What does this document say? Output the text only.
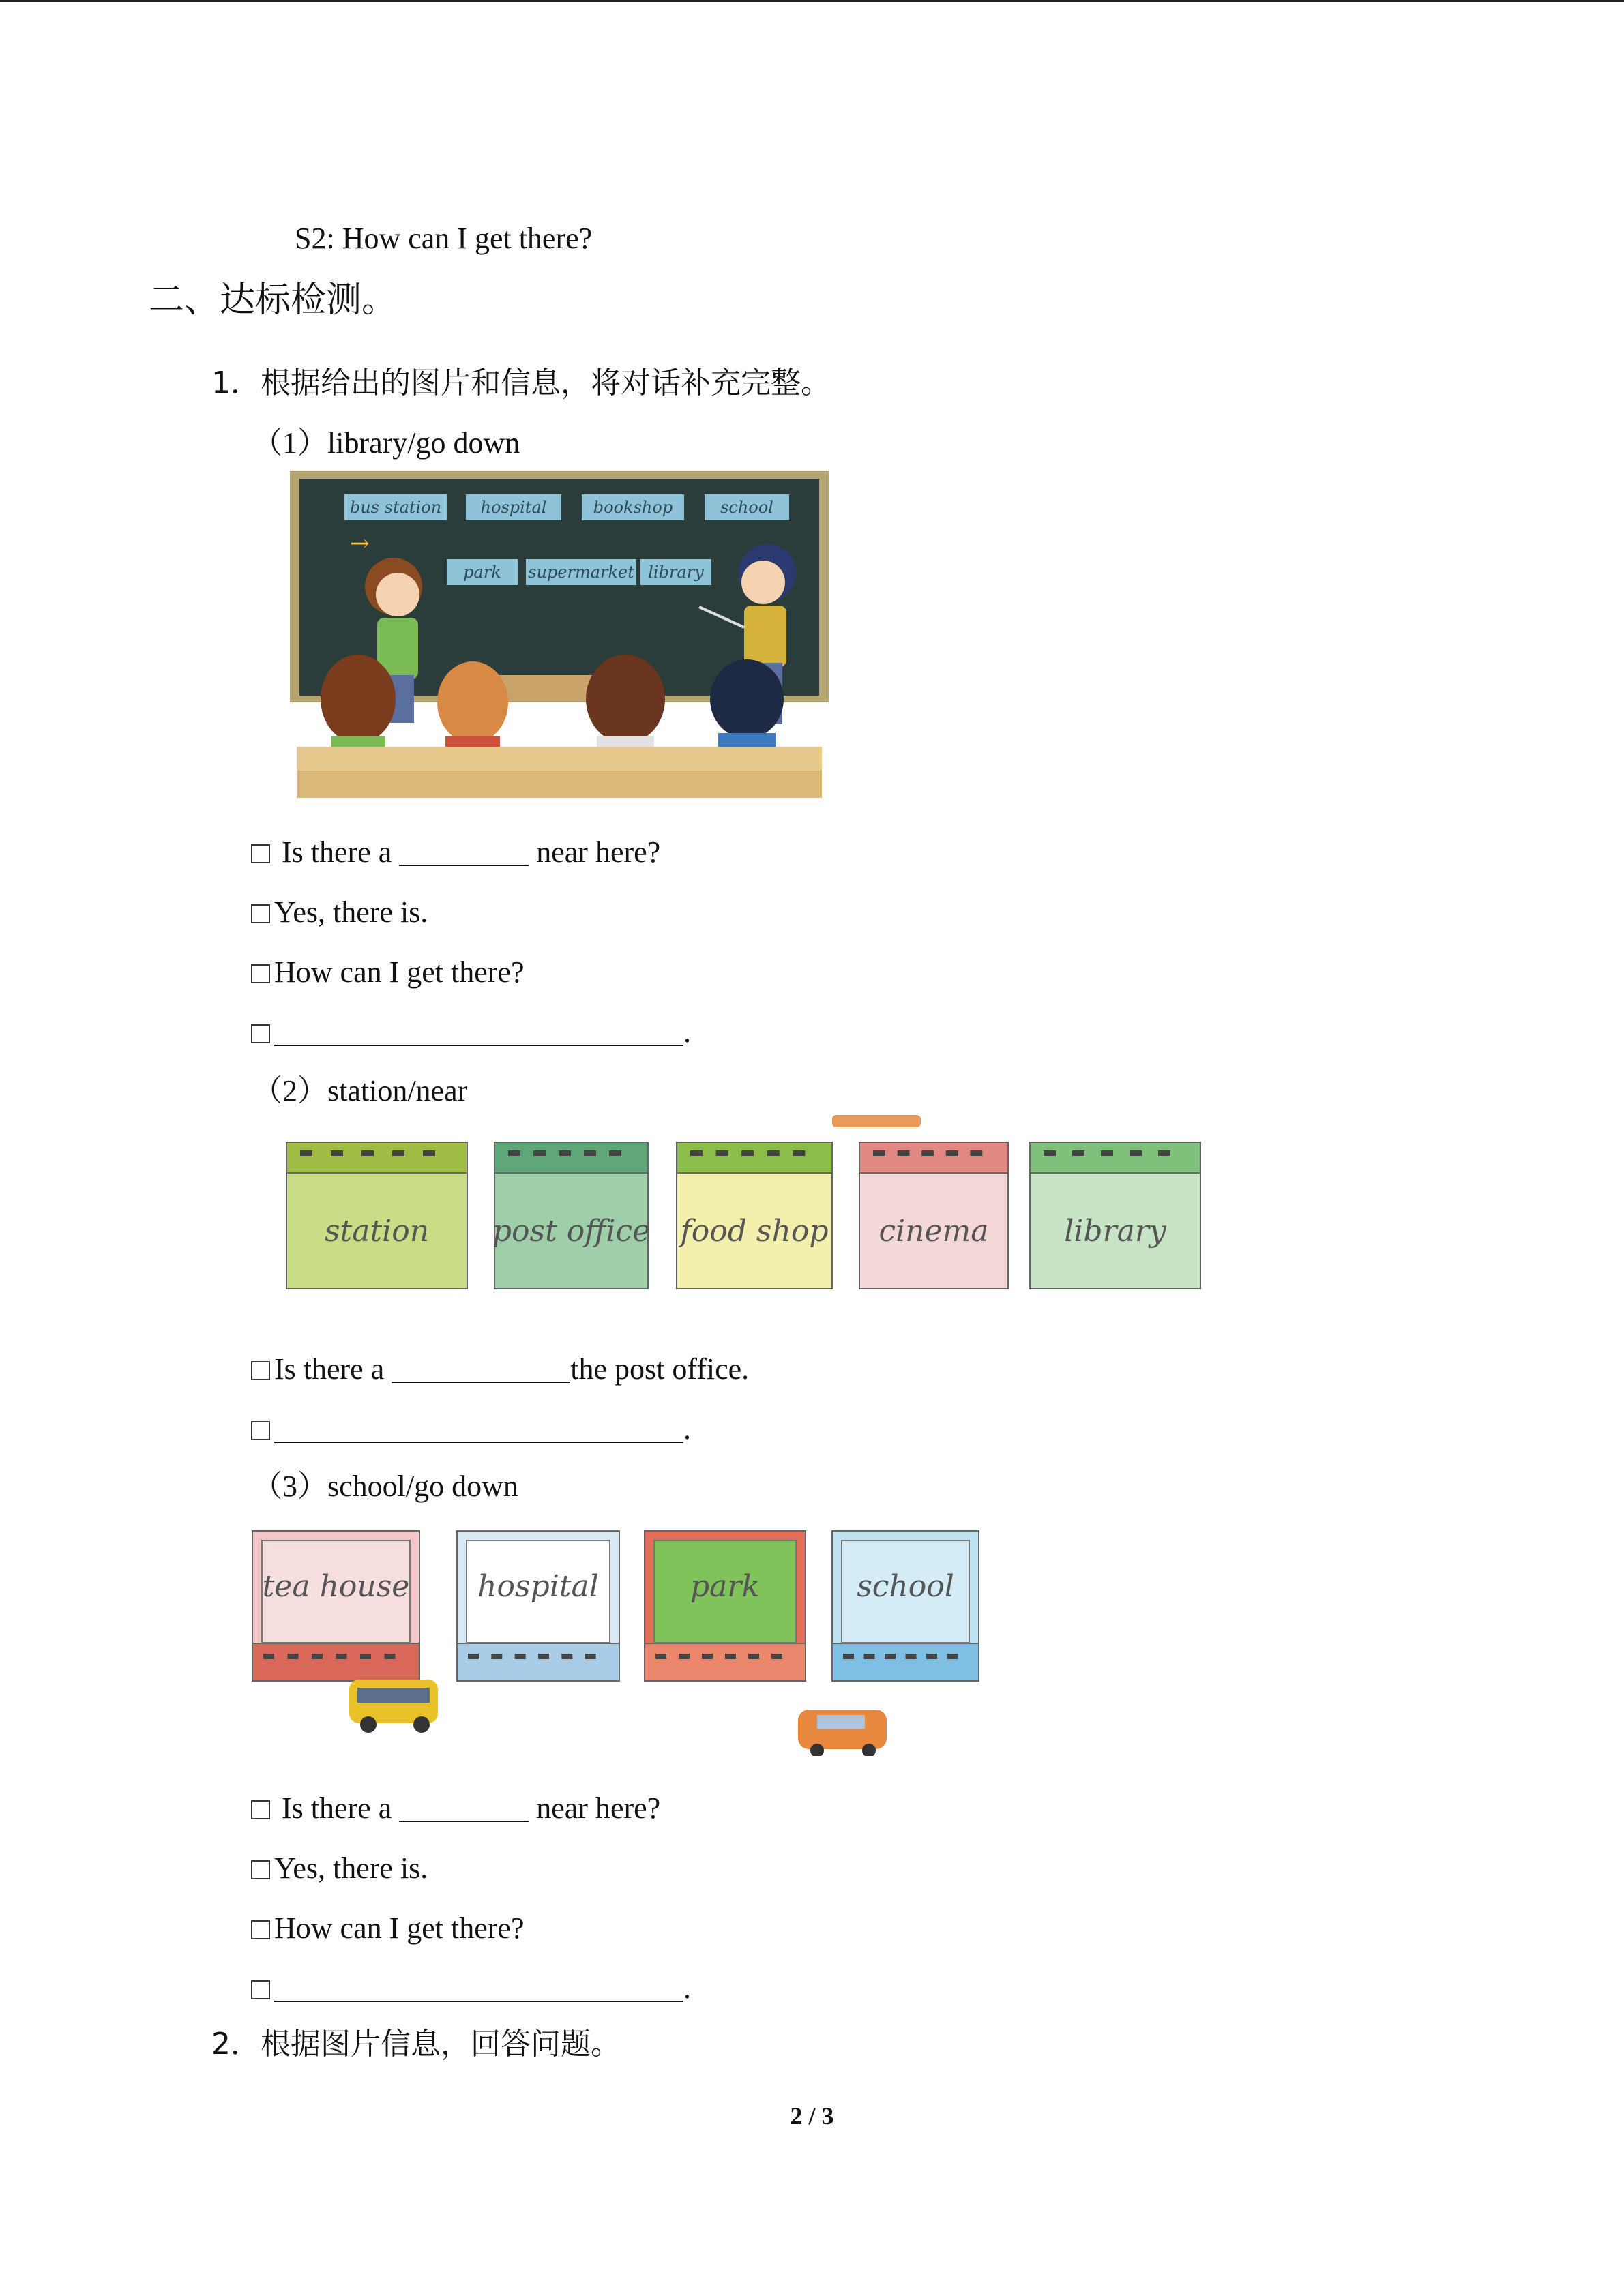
S2: How can I get there?
二、达标检测。
1．根据给出的图片和信息，将对话补充完整。
（1）library/go down
bus station hospital	bookshop	school
park supermarket library
→
Is there a	near here?
Yes, there is.
How can I get there?
.
（2）station/near
station post office food shop cinema	library
Is there a	the post office.
.
（3）school/go down
tea house hospital	park	school
Is there a	near here?
Yes, there is.
How can I get there?
.
2．根据图片信息，回答问题。
2 / 3
